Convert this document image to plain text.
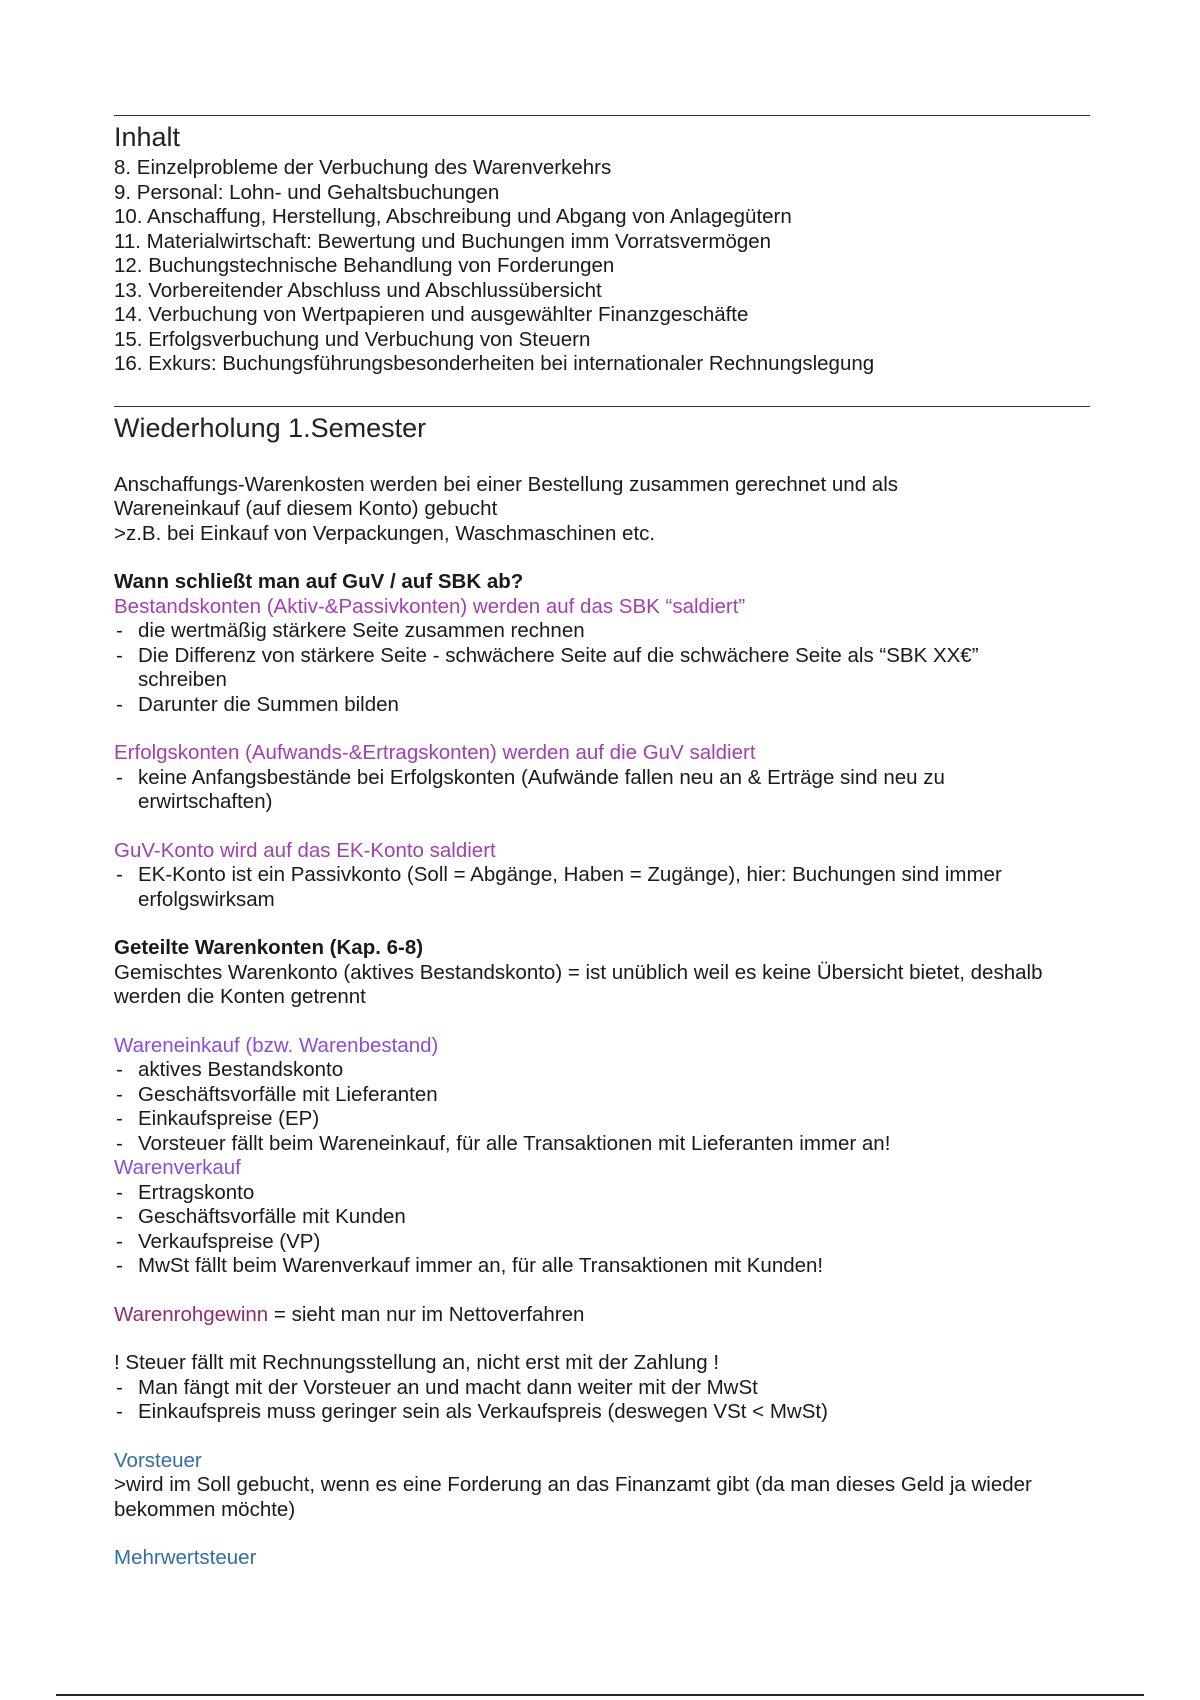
Inhalt
8. Einzelprobleme der Verbuchung des Warenverkehrs
9. Personal: Lohn- und Gehaltsbuchungen
10. Anschaffung, Herstellung, Abschreibung und Abgang von Anlagegütern
11. Materialwirtschaft: Bewertung und Buchungen imm Vorratsvermögen
12. Buchungstechnische Behandlung von Forderungen
13. Vorbereitender Abschluss und Abschlussübersicht
14. Verbuchung von Wertpapieren und ausgewählter Finanzgeschäfte
15. Erfolgsverbuchung und Verbuchung von Steuern
16. Exkurs: Buchungsführungsbesonderheiten bei internationaler Rechnungslegung
Wiederholung 1.Semester

Anschaffungs-Warenkosten werden bei einer Bestellung zusammen gerechnet und als

Wareneinkauf (auf diesem Konto) gebucht

>z.B. bei Einkauf von Verpackungen, Waschmaschinen etc.

Wann schließt man auf GuV / auf SBK ab?

Bestandskonten (Aktiv-&Passivkonten) werden auf das SBK “saldiert”

- die wertmäßig stärkere Seite zusammen rechnen
- Die Differenz von stärkere Seite - schwächere Seite auf die schwächere Seite als “SBK XX€” schreiben
- Darunter die Summen bilden

Erfolgskonten (Aufwands-&Ertragskonten) werden auf die GuV saldiert

- keine Anfangsbestände bei Erfolgskonten (Aufwände fallen neu an & Erträge sind neu zu erwirtschaften)

GuV-Konto wird auf das EK-Konto saldiert

- EK-Konto ist ein Passivkonto (Soll = Abgänge, Haben = Zugänge), hier: Buchungen sind immer erfolgswirksam

Geteilte Warenkonten (Kap. 6-8)

Gemischtes Warenkonto (aktives Bestandskonto) = ist unüblich weil es keine Übersicht bietet, deshalb werden die Konten getrennt

Wareneinkauf (bzw. Warenbestand)

- aktives Bestandskonto
- Geschäftsvorfälle mit Lieferanten
- Einkaufspreise (EP)
- Vorsteuer fällt beim Wareneinkauf, für alle Transaktionen mit Lieferanten immer an!

Warenverkauf

- Ertragskonto
- Geschäftsvorfälle mit Kunden
- Verkaufspreise (VP)
- MwSt fällt beim Warenverkauf immer an, für alle Transaktionen mit Kunden!

Warenrohgewinn = sieht man nur im Nettoverfahren

! Steuer fällt mit Rechnungsstellung an, nicht erst mit der Zahlung !

- Man fängt mit der Vorsteuer an und macht dann weiter mit der MwSt
- Einkaufspreis muss geringer sein als Verkaufspreis (deswegen VSt < MwSt)

Vorsteuer

>wird im Soll gebucht, wenn es eine Forderung an das Finanzamt gibt (da man dieses Geld ja wieder bekommen möchte)

Mehrwertsteuer
